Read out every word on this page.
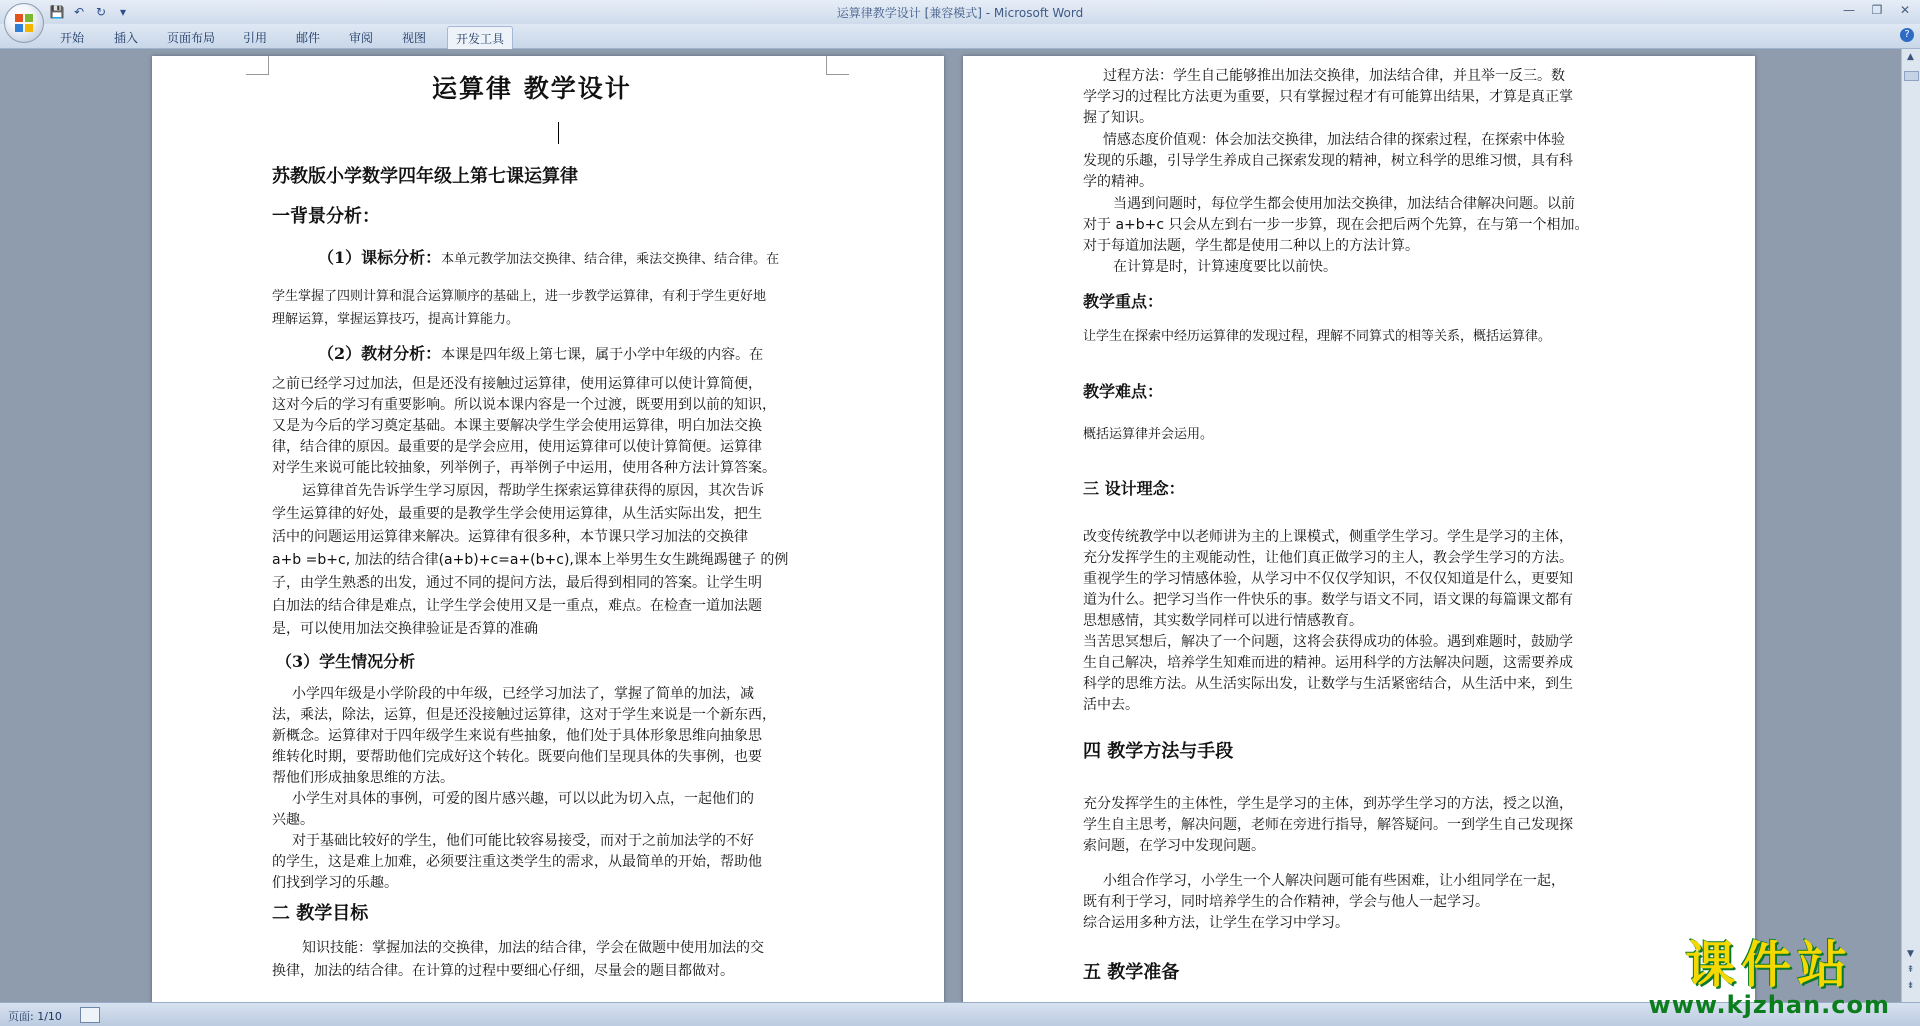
💾 ↶ ↻	▾	运算律教学设计 [兼容模式] - Microsoft Word	—	❐	✕
开始 插入 页面布局 引用 邮件 审阅 视图	开发工具	?
运算律 教学设计
苏教版小学数学四年级上第七课运算律
一背景分析：
（1）课标分析：本单元教学加法交换律、结合律，乘法交换律、结合律。在
学生掌握了四则计算和混合运算顺序的基础上，进一步教学运算律，有利于学生更好地
理解运算，掌握运算技巧，提高计算能力。
（2）教材分析：本课是四年级上第七课，属于小学中年级的内容。在
之前已经学习过加法，但是还没有接触过运算律，使用运算律可以使计算简便，
这对今后的学习有重要影响。所以说本课内容是一个过渡，既要用到以前的知识，
又是为今后的学习奠定基础。本课主要解决学生学会使用运算律，明白加法交换
律，结合律的原因。最重要的是学会应用，使用运算律可以使计算简便。运算律
对学生来说可能比较抽象，列举例子，再举例子中运用，使用各种方法计算答案。
运算律首先告诉学生学习原因，帮助学生探索运算律获得的原因，其次告诉
学生运算律的好处，最重要的是教学生学会使用运算律，从生活实际出发，把生
活中的问题运用运算律来解决。运算律有很多种，本节课只学习加法的交换律
a+b =b+c, 加法的结合律(a+b)+c=a+(b+c),课本上举男生女生跳绳踢毽子 的例
子，由学生熟悉的出发，通过不同的提问方法，最后得到相同的答案。让学生明
白加法的结合律是难点，让学生学会使用又是一重点，难点。在检查一道加法题
是，可以使用加法交换律验证是否算的准确
（3）学生情况分析
小学四年级是小学阶段的中年级，已经学习加法了，掌握了简单的加法，减
法，乘法，除法，运算，但是还没接触过运算律，这对于学生来说是一个新东西，
新概念。运算律对于四年级学生来说有些抽象，他们处于具体形象思维向抽象思
维转化时期，要帮助他们完成好这个转化。既要向他们呈现具体的失事例，也要
帮他们形成抽象思维的方法。
小学生对具体的事例，可爱的图片感兴趣，可以以此为切入点，一起他们的
兴趣。
对于基础比较好的学生，他们可能比较容易接受，而对于之前加法学的不好
的学生，这是难上加难，必须要注重这类学生的需求，从最简单的开始，帮助他
们找到学习的乐趣。
二 教学目标
知识技能：掌握加法的交换律，加法的结合律，学会在做题中使用加法的交
换律，加法的结合律。在计算的过程中要细心仔细，尽量会的题目都做对。
过程方法：学生自己能够推出加法交换律，加法结合律，并且举一反三。数
学学习的过程比方法更为重要，只有掌握过程才有可能算出结果，才算是真正掌
握了知识。
情感态度价值观：体会加法交换律，加法结合律的探索过程，在探索中体验
发现的乐趣，引导学生养成自己探索发现的精神，树立科学的思维习惯，具有科
学的精神。
当遇到问题时，每位学生都会使用加法交换律，加法结合律解决问题。以前
对于 a+b+c 只会从左到右一步一步算，现在会把后两个先算，在与第一个相加。
对于每道加法题，学生都是使用二种以上的方法计算。
在计算是时，计算速度要比以前快。
教学重点：
让学生在探索中经历运算律的发现过程，理解不同算式的相等关系，概括运算律。
教学难点：
概括运算律并会运用。
三 设计理念：
改变传统教学中以老师讲为主的上课模式，侧重学生学习。学生是学习的主体，
充分发挥学生的主观能动性，让他们真正做学习的主人，教会学生学习的方法。
重视学生的学习情感体验，从学习中不仅仅学知识，不仅仅知道是什么，更要知
道为什么。把学习当作一件快乐的事。数学与语文不同，语文课的每篇课文都有
思想感情，其实数学同样可以进行情感教育。
当苦思冥想后，解决了一个问题，这将会获得成功的体验。遇到难题时，鼓励学
生自己解决，培养学生知难而进的精神。运用科学的方法解决问题，这需要养成
科学的思维方法。从生活实际出发，让数学与生活紧密结合，从生活中来，到生
活中去。
四 教学方法与手段
充分发挥学生的主体性，学生是学习的主体，到苏学生学习的方法，授之以渔，
学生自主思考，解决问题，老师在旁进行指导，解答疑问。一到学生自己发现探
索问题，在学习中发现问题。
小组合作学习，小学生一个人解决问题可能有些困难，让小组同学在一起，
既有利于学习，同时培养学生的合作精神，学会与他人一起学习。
综合运用多种方法，让学生在学习中学习。
五 教学准备
▲
▼
⇞
⇟
页面: 1/10
课件站
www.kjzhan.com
